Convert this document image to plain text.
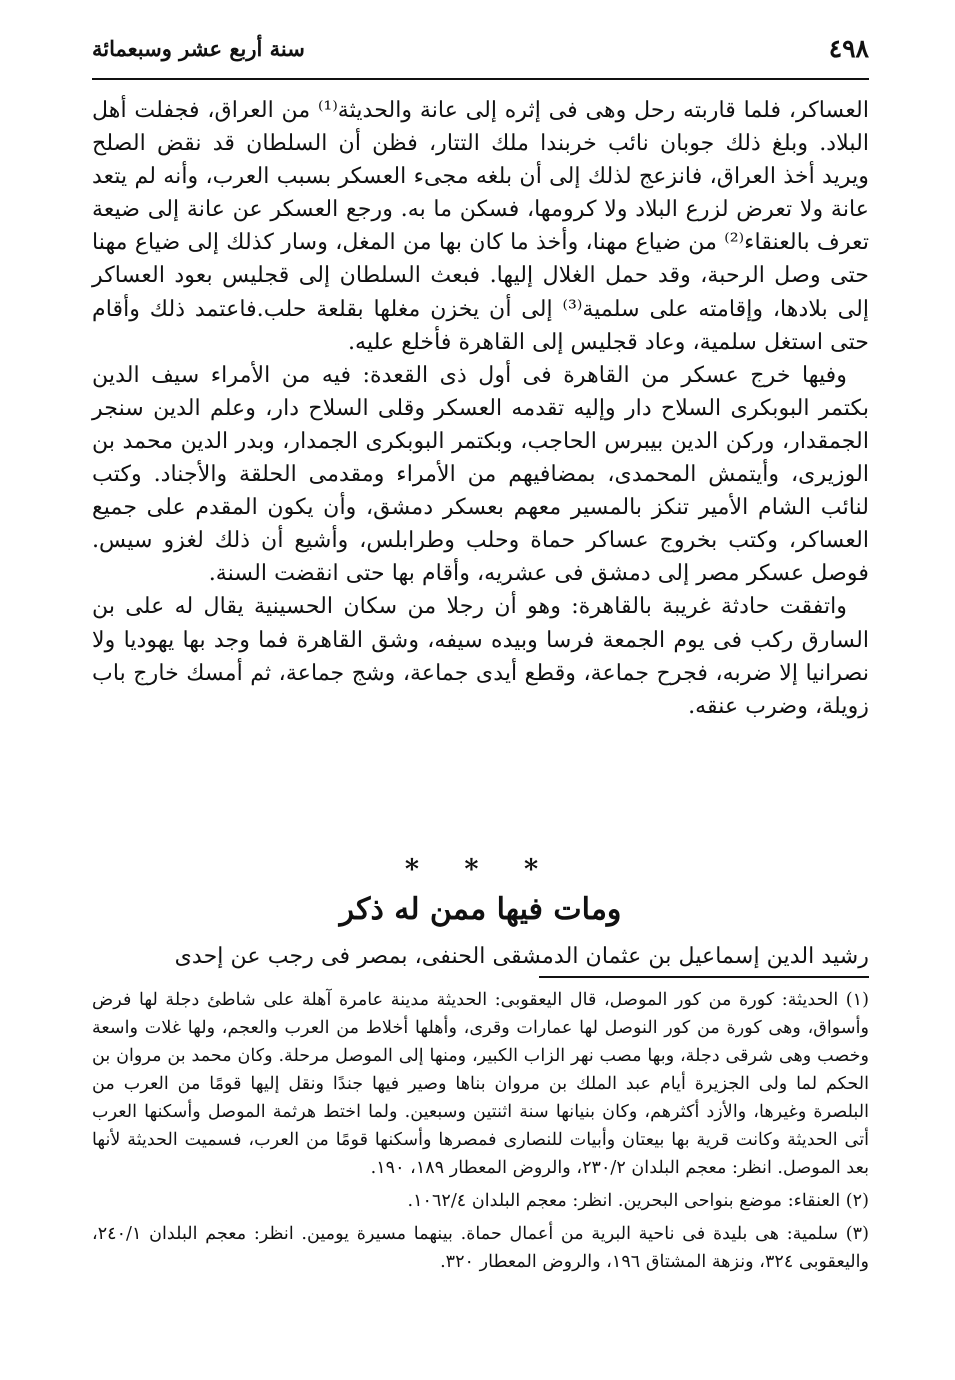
٤٩٨
سنة أربع عشر وسبعمائة

العساكر، فلما قاربته رحل وهى فى إثره إلى عانة والحديثة⁽¹⁾ من العراق، فجفلت أهل البلاد. وبلغ ذلك جوبان نائب خربندا ملك التتار، فظن أن السلطان قد نقض الصلح ويريد أخذ العراق، فانزعج لذلك إلى أن بلغه مجىء العسكر بسبب العرب، وأنه لم يتعد عانة ولا تعرض لزرع البلاد ولا كرومها، فسكن ما به. ورجع العسكر عن عانة إلى ضيعة تعرف بالعنقاء⁽²⁾ من ضياع مهنا، وأخذ ما كان بها من المغل، وسار كذلك إلى ضياع مهنا حتى وصل الرحبة، وقد حمل الغلال إليها. فبعث السلطان إلى قجليس بعود العساكر إلى بلادها، وإقامته على سلمية⁽³⁾ إلى أن يخزن مغلها بقلعة حلب.فاعتمد ذلك وأقام حتى استغل سلمية، وعاد قجليس إلى القاهرة فأخلع عليه.

وفيها خرج عسكر من القاهرة فى أول ذى القعدة: فيه من الأمراء سيف الدين بكتمر البوبكرى السلاح دار وإليه تقدمه العسكر وقلى السلاح دار، وعلم الدين سنجر الجمقدار، وركن الدين بيبرس الحاجب، وبكتمر البوبكرى الجمدار، وبدر الدين محمد بن الوزيرى، وأيتمش المحمدى، بمضافيهم من الأمراء ومقدمى الحلقة والأجناد. وكتب لنائب الشام الأمير تنكز بالمسير معهم بعسكر دمشق، وأن يكون المقدم على جميع العساكر، وكتب بخروج عساكر حماة وحلب وطرابلس، وأشيع أن ذلك لغزو سيس. فوصل عسكر مصر إلى دمشق فى عشريه، وأقام بها حتى انقضت السنة.

واتفقت حادثة غريبة بالقاهرة: وهو أن رجلا من سكان الحسينية يقال له على بن السارق ركب فى يوم الجمعة فرسا وبيده سيفه، وشق القاهرة فما وجد بها يهوديا ولا نصرانيا إلا ضربه، فجرح جماعة، وقطع أيدى جماعة، وشج جماعة، ثم أمسك خارج باب زويلة، وضرب عنقه.

* * *
ومات فيها ممن له ذكر
رشيد الدين إسماعيل بن عثمان الدمشقى الحنفى، بمصر فى رجب عن إحدى

(١) الحديثة: كورة من كور الموصل، قال اليعقوبى: الحديثة مدينة عامرة آهلة على شاطئ دجلة لها فرض وأسواق، وهى كورة من كور النوصل لها عمارات وقرى، وأهلها أخلاط من العرب والعجم، ولها غلات واسعة وخصب وهى شرقى دجلة، وبها مصب نهر الزاب الكبير، ومنها إلى الموصل مرحلة. وكان محمد بن مروان بن الحكم لما ولى الجزيرة أيام عبد الملك بن مروان بناها وصير فيها جندًا ونقل إليها قومًا من العرب من البلصرة وغيرها، والأزد أكثرهم، وكان بنيانها سنة اثنتين وسبعين. ولما اختط هرثمة الموصل وأسكنها العرب أتى الحديثة وكانت قرية بها بيعتان وأبيات للنصارى فمصرها وأسكنها قومًا من العرب، فسميت الحديثة لأنها بعد الموصل. انظر: معجم البلدان ٢٣٠/٢، والروض المعطار ١٨٩، ١٩٠.

(٢) العنقاء: موضع بنواحى البحرين. انظر: معجم البلدان ١٠٦٢/٤.

(٣) سلمية: هى بليدة فى ناحية البرية من أعمال حماة. بينهما مسيرة يومين. انظر: معجم البلدان ٢٤٠/١، واليعقوبى ٣٢٤، ونزهة المشتاق ١٩٦، والروض المعطار ٣٢٠.
